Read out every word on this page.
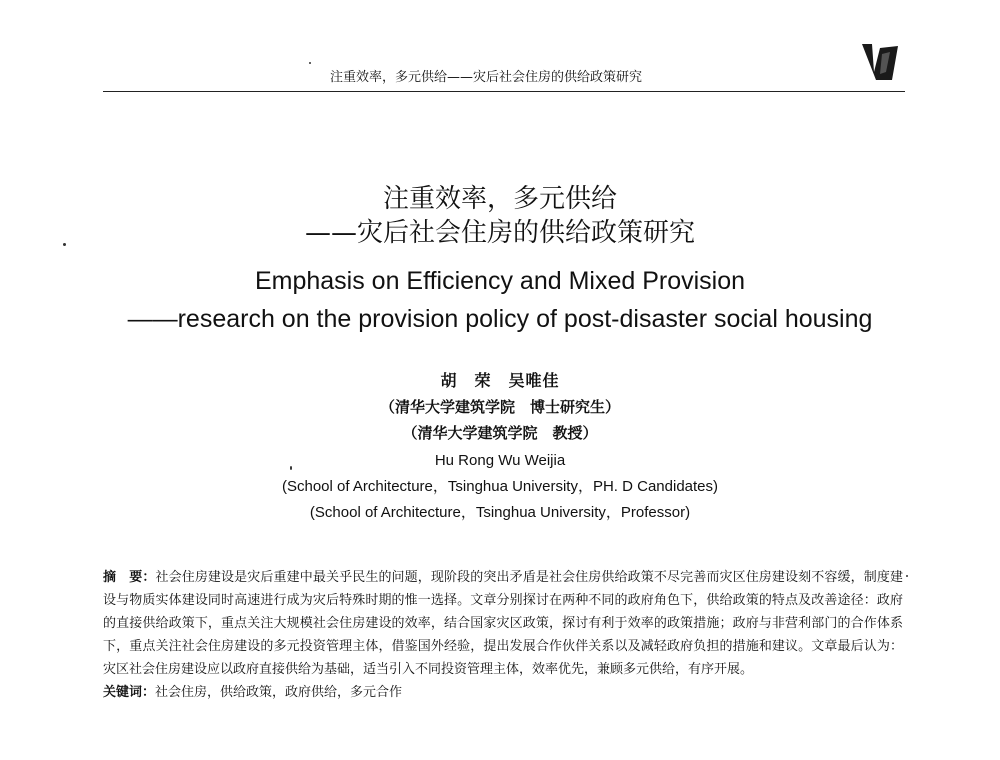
注重效率，多元供给——灾后社会住房的供给政策研究
注重效率，多元供给
——灾后社会住房的供给政策研究
Emphasis on Efficiency and Mixed Provision
——research on the provision policy of post-disaster social housing
胡　荣　吴唯佳
（清华大学建筑学院　博士研究生）
（清华大学建筑学院　教授）
Hu Rong Wu Weijia
(School of Architecture，Tsinghua University，PH. D Candidates)
(School of Architecture，Tsinghua University，Professor)
摘　要：社会住房建设是灾后重建中最关乎民生的问题，现阶段的突出矛盾是社会住房供给政策不尽完善而灾区住房建设刻不容缓，制度建设与物质实体建设同时高速进行成为灾后特殊时期的惟一选择。文章分别探讨在两种不同的政府角色下，供给政策的特点及改善途径：政府的直接供给政策下，重点关注大规模社会住房建设的效率，结合国家灾区政策，探讨有利于效率的政策措施；政府与非营利部门的合作体系下，重点关注社会住房建设的多元投资管理主体，借鉴国外经验，提出发展合作伙伴关系以及减轻政府负担的措施和建议。文章最后认为：灾区社会住房建设应以政府直接供给为基础，适当引入不同投资管理主体，效率优先，兼顾多元供给，有序开展。
关键词：社会住房，供给政策，政府供给，多元合作
